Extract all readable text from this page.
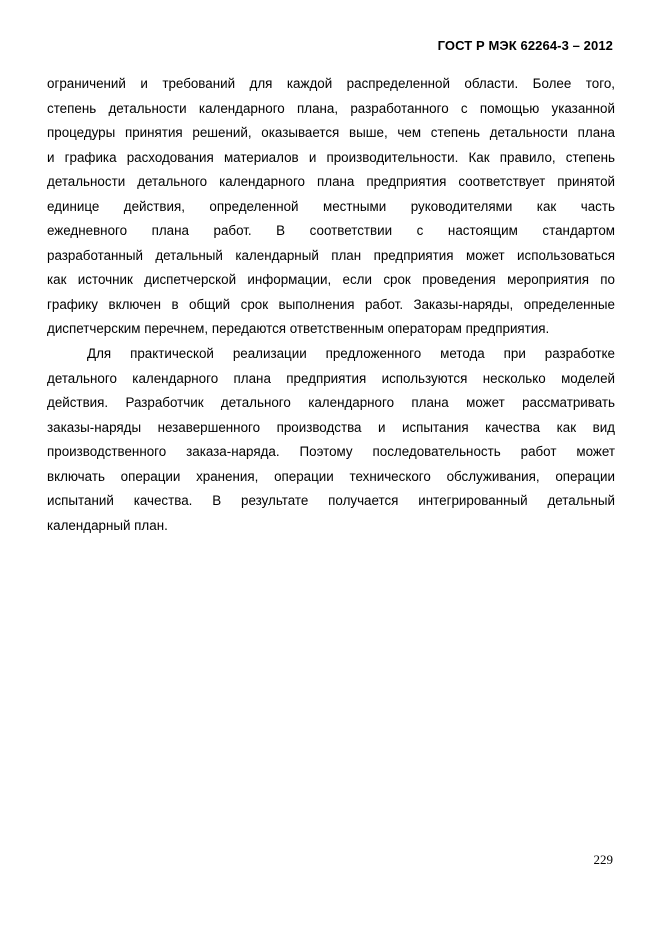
ГОСТ Р МЭК 62264-3 – 2012
ограничений и требований для каждой распределенной области. Более того,
степень детальности календарного плана, разработанного с помощью указанной
процедуры принятия решений, оказывается выше, чем степень детальности плана
и графика расходования материалов и производительности. Как правило, степень
детальности детального календарного плана предприятия соответствует принятой
единице действия, определенной местными руководителями как часть
ежедневного плана работ. В соответствии с настоящим стандартом
разработанный детальный календарный план предприятия может использоваться
как источник диспетчерской информации, если срок проведения мероприятия по
графику включен в общий срок выполнения работ. Заказы-наряды, определенные
диспетчерским перечнем, передаются ответственным операторам предприятия.
Для практической реализации предложенного метода при разработке
детального календарного плана предприятия используются несколько моделей
действия. Разработчик детального календарного плана может рассматривать
заказы-наряды незавершенного производства и испытания качества как вид
производственного заказа-наряда. Поэтому последовательность работ может
включать операции хранения, операции технического обслуживания, операции
испытаний качества. В результате получается интегрированный детальный
календарный план.
229
